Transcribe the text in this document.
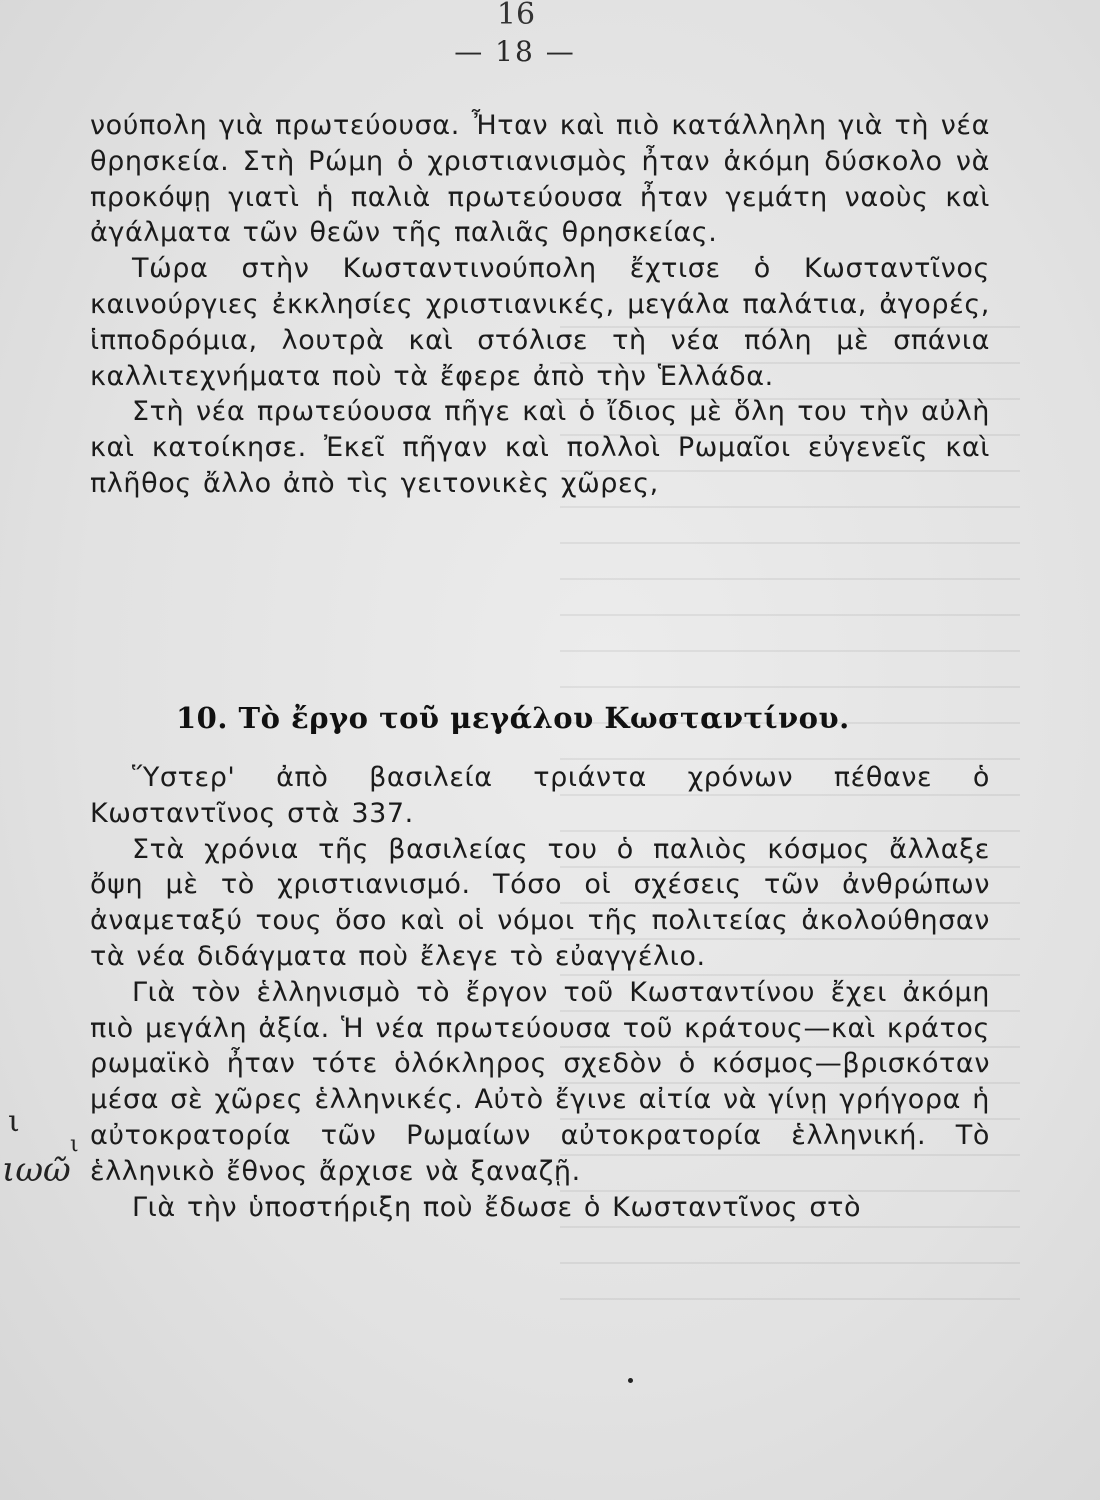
16
— 18 —

νούπολη γιὰ πρωτεύουσα. Ἦταν καὶ πιὸ κατάλληλη γιὰ τὴ νέα θρησκεία. Στὴ Ρώμη ὁ χριστιανισμὸς ἦταν ἀκόμη δύσκολο νὰ προκόψῃ γιατὶ ἡ παλιὰ πρωτεύουσα ἦταν γεμάτη ναοὺς καὶ ἀγάλματα τῶν θεῶν τῆς παλιᾶς θρησκείας.

Τώρα στὴν Κωσταντινούπολη ἔχτισε ὁ Κωσταντῖνος καινούργιες ἐκκλησίες χριστιανικές, μεγάλα παλάτια, ἀγορές, ἱπποδρόμια, λουτρὰ καὶ στόλισε τὴ νέα πόλη μὲ σπάνια καλλιτεχνήματα ποὺ τὰ ἔφερε ἀπὸ τὴν Ἑλλάδα.

Στὴ νέα πρωτεύουσα πῆγε καὶ ὁ ἴδιος μὲ ὅλη του τὴν αὐλὴ καὶ κατοίκησε. Ἐκεῖ πῆγαν καὶ πολλοὶ Ρωμαῖοι εὐγενεῖς καὶ πλῆθος ἄλλο ἀπὸ τὶς γειτονικὲς χῶρες,

10. Τὸ ἔργο τοῦ μεγάλου Κωσταντίνου.

Ὕστερ' ἀπὸ βασιλεία τριάντα χρόνων πέθανε ὁ Κωσταντῖνος στὰ 337.

Στὰ χρόνια τῆς βασιλείας του ὁ παλιὸς κόσμος ἄλλαξε ὄψη μὲ τὸ χριστιανισμό. Τόσο οἱ σχέσεις τῶν ἀνθρώπων ἀναμεταξύ τους ὅσο καὶ οἱ νόμοι τῆς πολιτείας ἀκολούθησαν τὰ νέα διδάγματα ποὺ ἔλεγε τὸ εὐαγγέλιο.

Γιὰ τὸν ἑλληνισμὸ τὸ ἔργον τοῦ Κωσταντίνου ἔχει ἀκόμη πιὸ μεγάλη ἀξία. Ἡ νέα πρωτεύουσα τοῦ κράτους—καὶ κράτος ρωμαϊκὸ ἦταν τότε ὁλόκληρος σχεδὸν ὁ κόσμος—βρισκόταν μέσα σὲ χῶρες ἑλληνικές. Αὐτὸ ἔγινε αἰτία νὰ γίνῃ γρήγορα ἡ αὐτοκρατορία τῶν Ρωμαίων αὐτοκρατορία ἑλληνική. Τὸ ἑλληνικὸ ἔθνος ἄρχισε νὰ ξαναζῇ.

Γιὰ τὴν ὑποστήριξη ποὺ ἔδωσε ὁ Κωσταντῖνος στὸ

ι
ι
ιωῶ
